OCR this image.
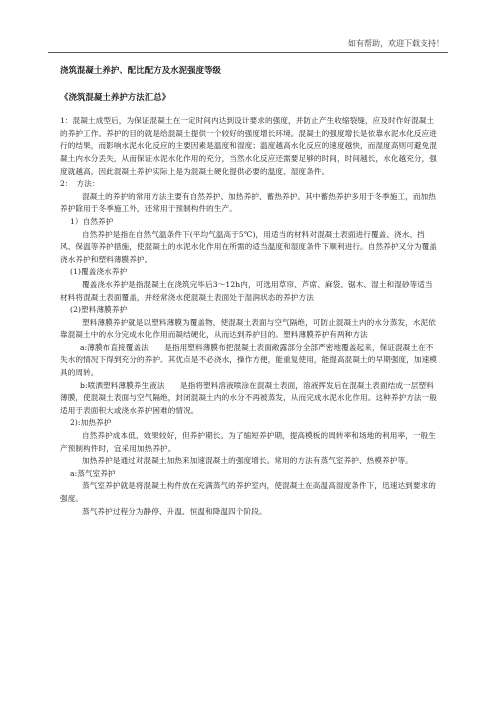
如有帮助，欢迎下载支持！

浇筑混凝土养护、配比配方及水泥强度等级

《浇筑混凝土养护方法汇总》

1：混凝土成型后，为保证混凝土在一定时间内达到设计要求的强度，并防止产生收缩裂缝，应及时作好混凝土的养护工作。养护的目的就是给混凝土提供一个较好的强度增长环境。混凝土的强度增长是依靠水泥水化反应进行的结果，而影响水泥水化反应的主要因素是温度和湿度；温度越高水化反应的速度越快，而湿度高则可避免混凝土内水分丢失，从而保证水泥水化作用的充分，当然水化反应还需要足够的时间，时间越长，水化越充分，强度就越高。因此混凝土养护实际上是为混凝土硬化提供必要的温度、湿度条件。

2：　方法：

混凝土的养护的常用方法主要有自然养护、加热养护、蓄热养护。其中蓄热养护多用于冬季施工，而加热养护除用于冬季施工外，还常用于预制构件的生产。

1）自然养护

自然养护是指在自然气温条件下(平均气温高于5℃)，用适当的材料对混凝土表面进行覆盖、浇水、挡风、保温等养护措施，使混凝土的水泥水化作用在所需的适当温度和湿度条件下顺利进行。自然养护又分为覆盖浇水养护和塑料薄膜养护。

(1)覆盖浇水养护

覆盖浇水养护是指混凝土在浇筑完毕后3～12h内，可选用草帘、芦席、麻袋、锯木、湿土和湿砂等适当材料将混凝土表面覆盖，并经常浇水使混凝土表面处于湿润状态的养护方法

(2)塑料薄膜养护

塑料薄膜养护就是以塑料薄膜为覆盖物，使混凝土表面与空气隔绝，可防止混凝土内的水分蒸发，水泥依靠混凝土中的水分完成水化作用而凝结硬化，从而达到养护目的。塑料薄膜养护有两种方法

a:薄膜布直接覆盖法　　是指用塑料薄膜布把混凝土表面敞露部分全部严密地覆盖起来，保证混凝土在不失水的情况下得到充分的养护。其优点是不必浇水，操作方便，能重复使用，能提高混凝土的早期强度，加速模具的周转。

b:喷洒塑料薄膜养生液法　　是指将塑料溶液喷涂在混凝土表面，溶液挥发后在混凝土表面结成一层塑料薄膜，使混凝土表面与空气隔绝，封闭混凝土内的水分不再被蒸发，从而完成水泥水化作用。这种养护方法一般适用于表面积大或浇水养护困难的情况。

2):加热养护

自然养护成本低、效果较好，但养护期长。为了缩短养护期，提高模板的周转率和场地的利用率，一般生产预制构件时，宜采用加热养护。

加热养护是通过对混凝土加热来加速混凝土的强度增长。常用的方法有蒸气室养护、热模养护等。

a:蒸气室养护

蒸气室养护就是将混凝土构件放在充满蒸气的养护室内，使混凝土在高温高湿度条件下，迅速达到要求的强度。

蒸气养护过程分为静停、升温、恒温和降温四个阶段。
